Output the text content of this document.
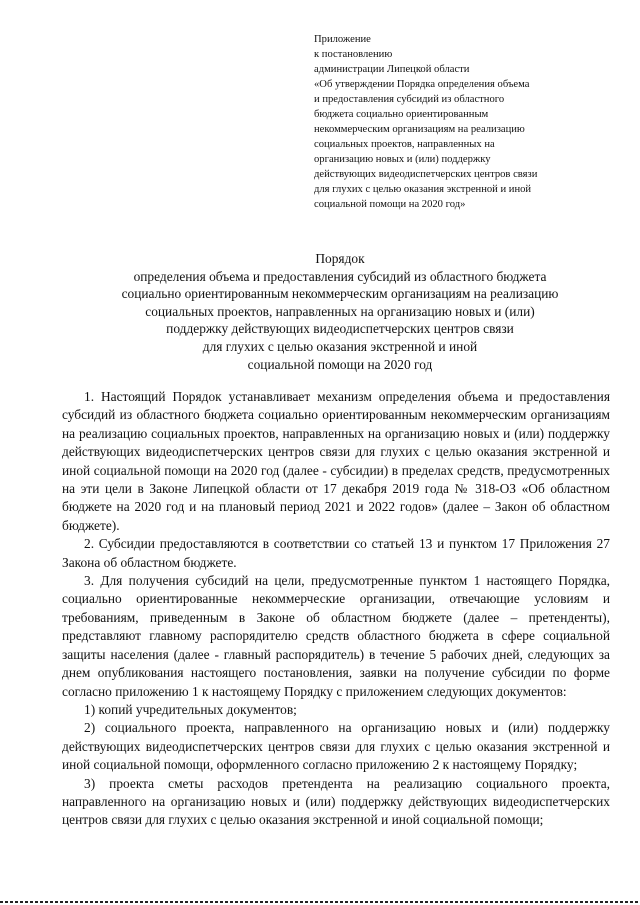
Приложение
к постановлению
администрации Липецкой области
«Об утверждении Порядка определения объема
и предоставления субсидий из областного
бюджета социально ориентированным
некоммерческим организациям на реализацию
социальных проектов, направленных на
организацию новых и (или) поддержку
действующих видеодиспетчерских центров связи
для глухих с целью оказания экстренной и иной
социальной помощи на 2020 год»
Порядок
определения объема и предоставления субсидий из областного бюджета
социально ориентированным некоммерческим организациям на реализацию
социальных проектов, направленных на организацию новых и (или)
поддержку действующих видеодиспетчерских центров связи
для глухих с целью оказания экстренной и иной
социальной помощи на 2020 год

1. Настоящий Порядок устанавливает механизм определения объема и предоставления субсидий из областного бюджета социально ориентированным некоммерческим организациям на реализацию социальных проектов, направленных на организацию новых и (или) поддержку действующих видеодиспетчерских центров связи для глухих с целью оказания экстренной и иной социальной помощи на 2020 год (далее - субсидии) в пределах средств, предусмотренных на эти цели в Законе Липецкой области от 17 декабря 2019 года № 318-ОЗ «Об областном бюджете на 2020 год и на плановый период 2021 и 2022 годов» (далее – Закон об областном бюджете).

2. Субсидии предоставляются в соответствии со статьей 13 и пунктом 17 Приложения 27 Закона об областном бюджете.

3. Для получения субсидий на цели, предусмотренные пунктом 1 настоящего Порядка, социально ориентированные некоммерческие организации, отвечающие условиям и требованиям, приведенным в Законе об областном бюджете (далее – претенденты), представляют главному распорядителю средств областного бюджета в сфере социальной защиты населения (далее - главный распорядитель) в течение 5 рабочих дней, следующих за днем опубликования настоящего постановления, заявки на получение субсидии по форме согласно приложению 1 к настоящему Порядку с приложением следующих документов:

1) копий учредительных документов;

2) социального проекта, направленного на организацию новых и (или) поддержку действующих видеодиспетчерских центров связи для глухих с целью оказания экстренной и иной социальной помощи, оформленного согласно приложению 2 к настоящему Порядку;

3) проекта сметы расходов претендента на реализацию социального проекта, направленного на организацию новых и (или) поддержку действующих видеодиспетчерских центров связи для глухих с целью оказания экстренной и иной социальной помощи;
